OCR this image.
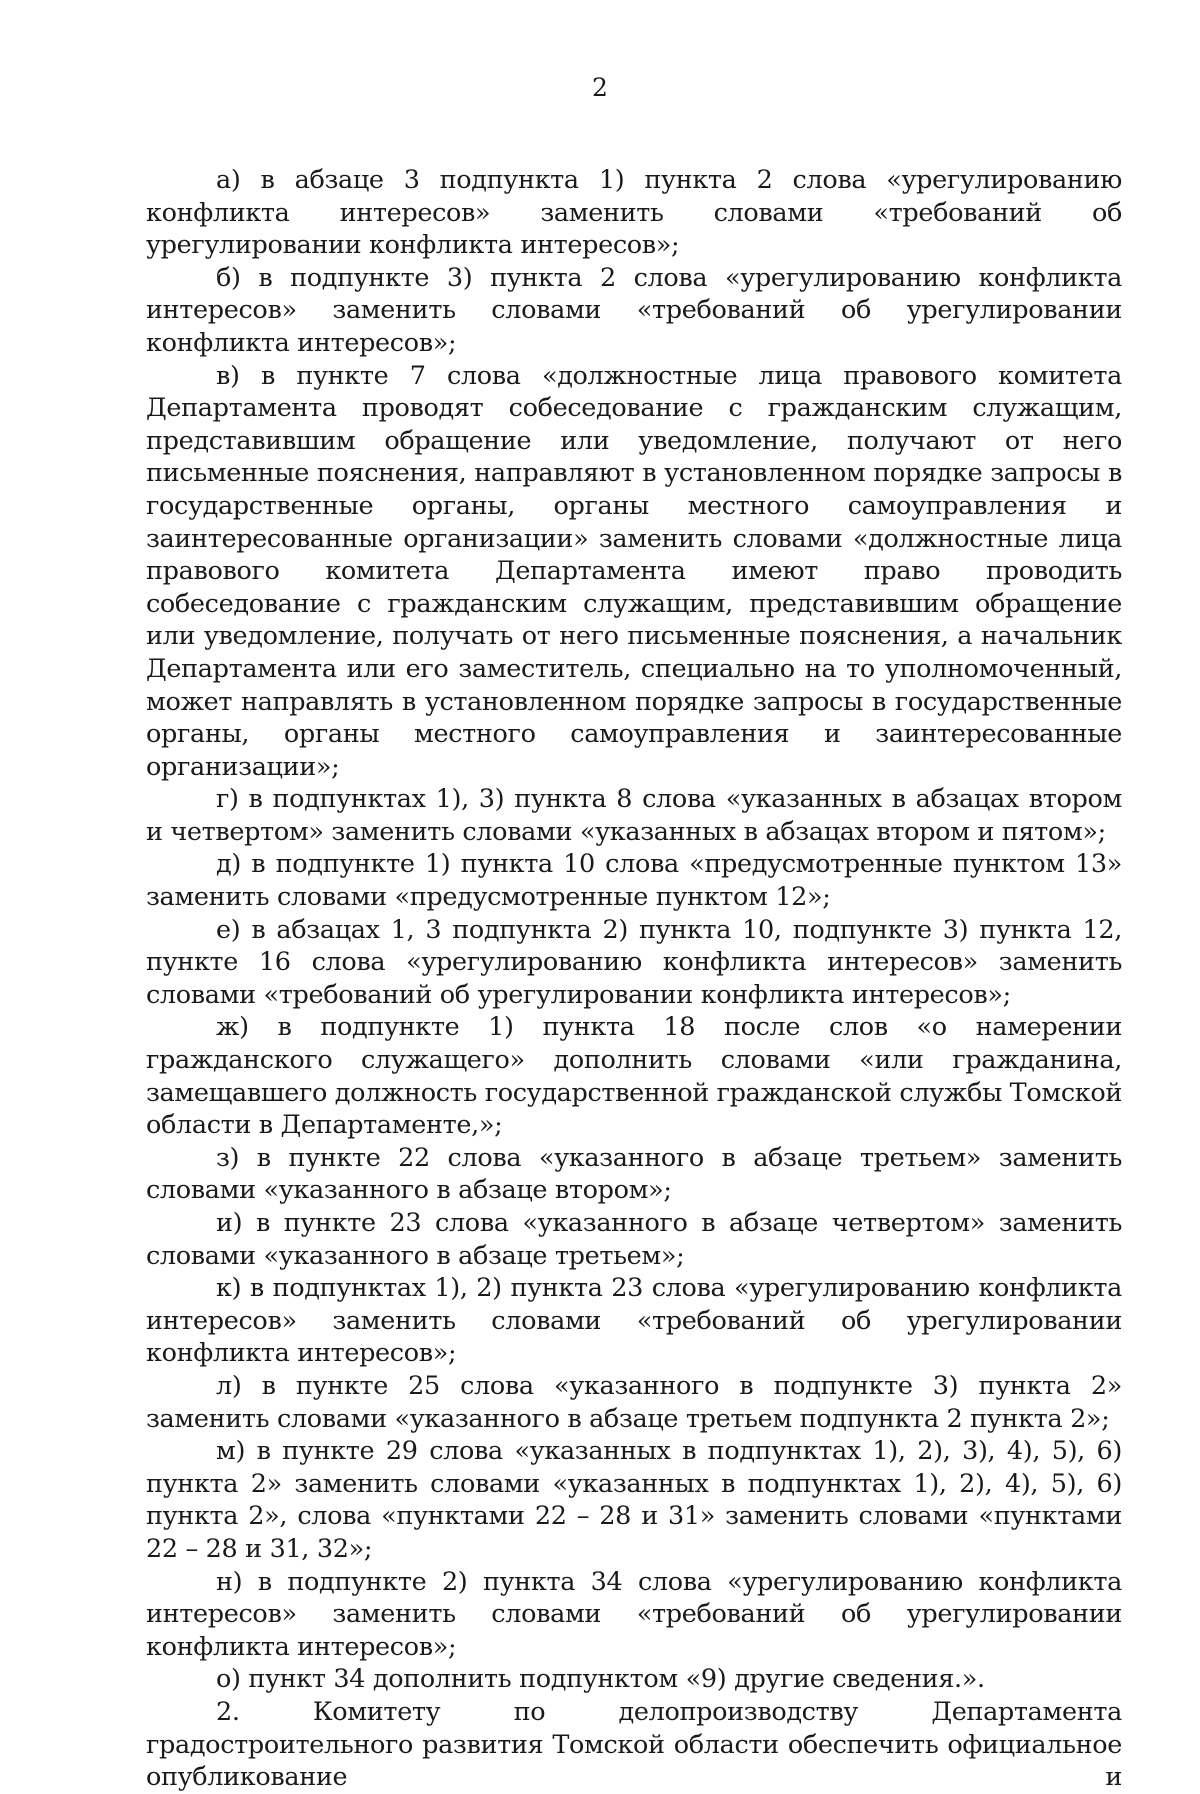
2

а) в абзаце 3 подпункта 1) пункта 2 слова «урегулированию конфликта интересов» заменить словами «требований об урегулировании конфликта интересов»;

б) в подпункте 3) пункта 2 слова «урегулированию конфликта интересов» заменить словами «требований об урегулировании конфликта интересов»;

в) в пункте 7 слова «должностные лица правового комитета Департамента проводят собеседование с гражданским служащим, представившим обращение или уведомление, получают от него письменные пояснения, направляют в установленном порядке запросы в государственные органы, органы местного самоуправления и заинтересованные организации» заменить словами «должностные лица правового комитета Департамента имеют право проводить собеседование с гражданским служащим, представившим обращение или уведомление, получать от него письменные пояснения, а начальник Департамента или его заместитель, специально на то уполномоченный, может направлять в установленном порядке запросы в государственные органы, органы местного самоуправления и заинтересованные организации»;

г) в подпунктах 1), 3) пункта 8 слова «указанных в абзацах втором и четвертом» заменить словами «указанных в абзацах втором и пятом»;

д) в подпункте 1) пункта 10 слова «предусмотренные пунктом 13» заменить словами «предусмотренные пунктом 12»;

е) в абзацах 1, 3 подпункта 2) пункта 10, подпункте 3) пункта 12, пункте 16 слова «урегулированию конфликта интересов» заменить словами «требований об урегулировании конфликта интересов»;

ж) в подпункте 1) пункта 18 после слов «о намерении гражданского служащего» дополнить словами «или гражданина, замещавшего должность государственной гражданской службы Томской области в Департаменте,»;

з) в пункте 22 слова «указанного в абзаце третьем» заменить словами «указанного в абзаце втором»;

и) в пункте 23 слова «указанного в абзаце четвертом» заменить словами «указанного в абзаце третьем»;

к) в подпунктах 1), 2) пункта 23 слова «урегулированию конфликта интересов» заменить словами «требований об урегулировании конфликта интересов»;

л) в пункте 25 слова «указанного в подпункте 3) пункта 2» заменить словами «указанного в абзаце третьем подпункта 2 пункта 2»;

м) в пункте 29 слова «указанных в подпунктах 1), 2), 3), 4), 5), 6) пункта 2» заменить словами «указанных в подпунктах 1), 2), 4), 5), 6) пункта 2», слова «пунктами 22 – 28 и 31» заменить словами «пунктами 22 – 28 и 31, 32»;

н) в подпункте 2) пункта 34 слова «урегулированию конфликта интересов» заменить словами «требований об урегулировании конфликта интересов»;

о) пункт 34 дополнить подпунктом «9) другие сведения.».

2. Комитету по делопроизводству Департамента градостроительного развития Томской области обеспечить официальное опубликование и
